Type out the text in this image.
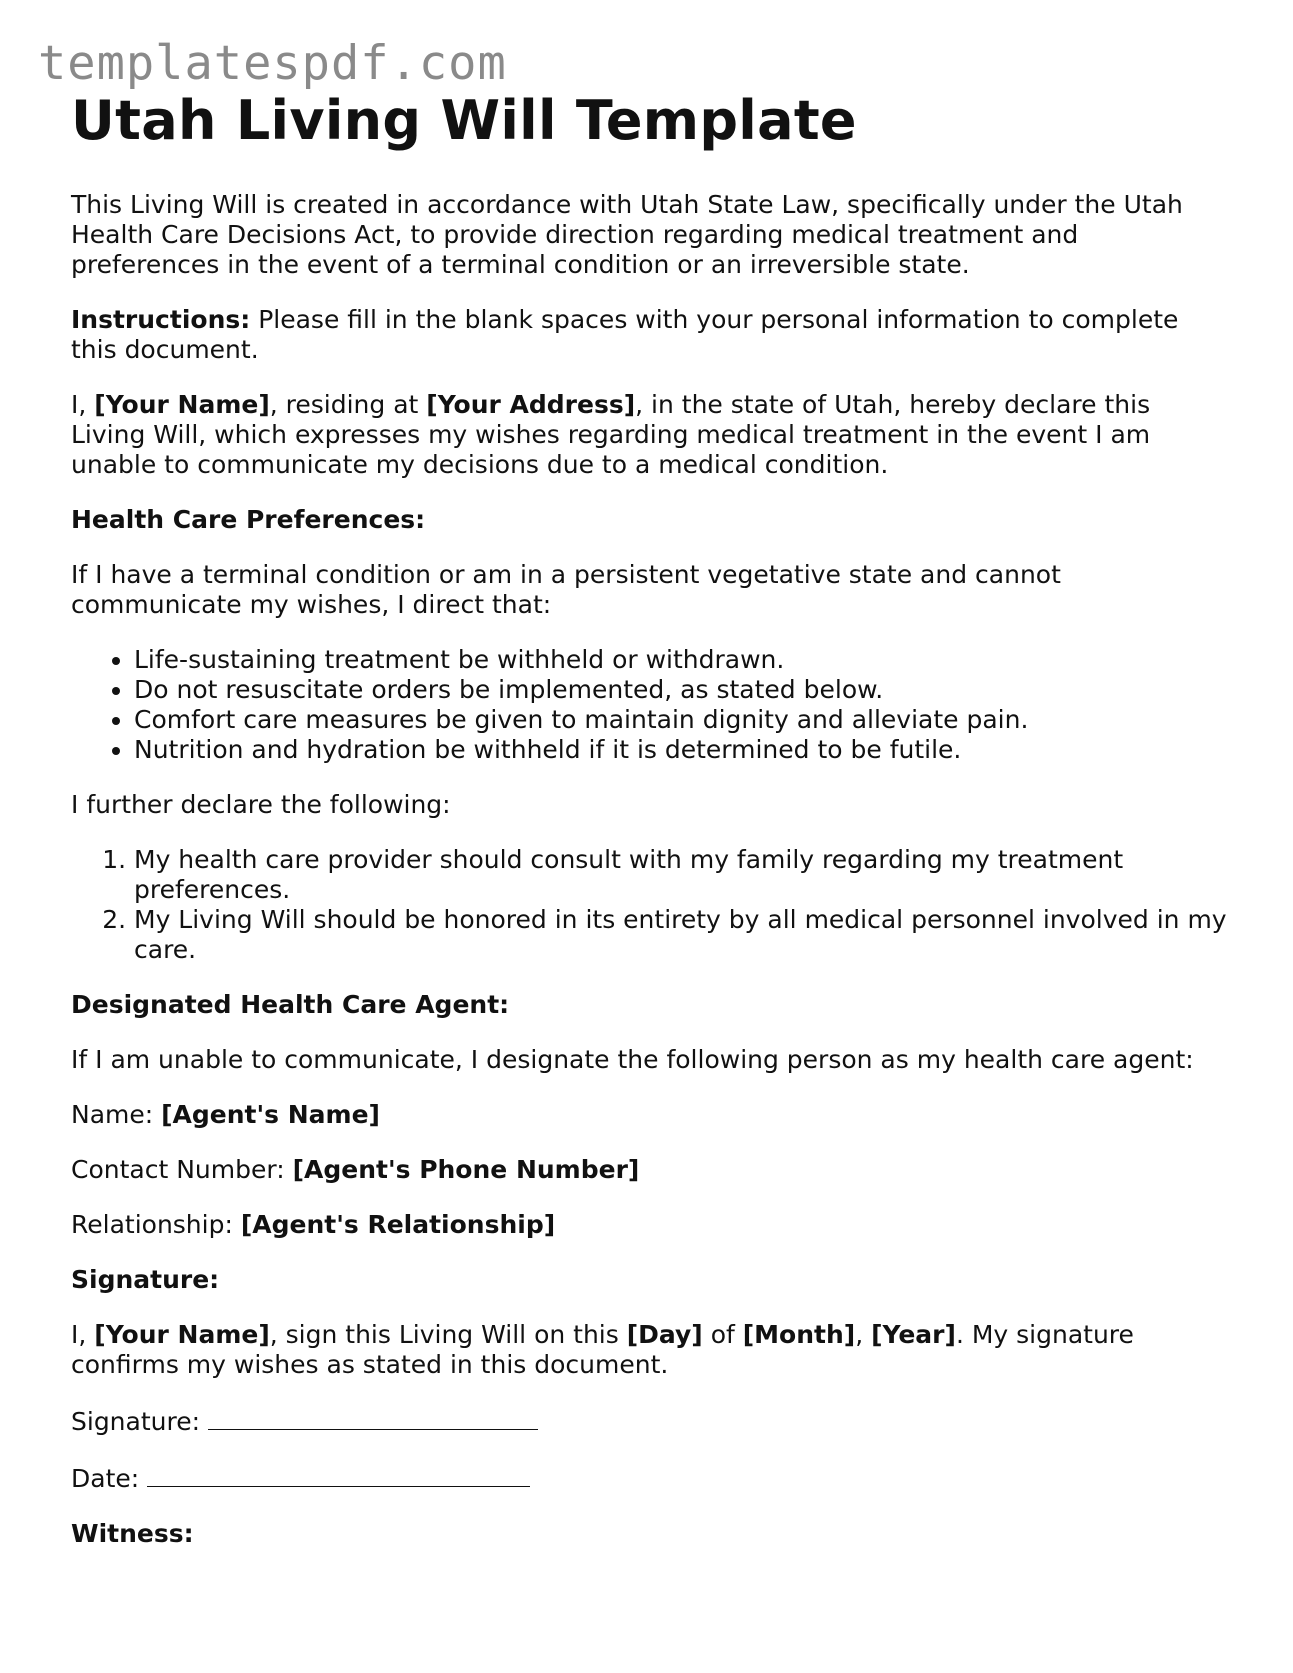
templatespdf.com
Utah Living Will Template

This Living Will is created in accordance with Utah State Law, specifically under the Utah Health Care Decisions Act, to provide direction regarding medical treatment and preferences in the event of a terminal condition or an irreversible state.

Instructions: Please fill in the blank spaces with your personal information to complete this document.

I, [Your Name], residing at [Your Address], in the state of Utah, hereby declare this Living Will, which expresses my wishes regarding medical treatment in the event I am unable to communicate my decisions due to a medical condition.

Health Care Preferences:

If I have a terminal condition or am in a persistent vegetative state and cannot communicate my wishes, I direct that:

• Life-sustaining treatment be withheld or withdrawn.
• Do not resuscitate orders be implemented, as stated below.
• Comfort care measures be given to maintain dignity and alleviate pain.
• Nutrition and hydration be withheld if it is determined to be futile.

I further declare the following:

1. My health care provider should consult with my family regarding my treatment preferences.
2. My Living Will should be honored in its entirety by all medical personnel involved in my care.

Designated Health Care Agent:

If I am unable to communicate, I designate the following person as my health care agent:

Name: [Agent's Name]

Contact Number: [Agent's Phone Number]

Relationship: [Agent's Relationship]

Signature:

I, [Your Name], sign this Living Will on this [Day] of [Month], [Year]. My signature confirms my wishes as stated in this document.

Signature:

Date:

Witness:
